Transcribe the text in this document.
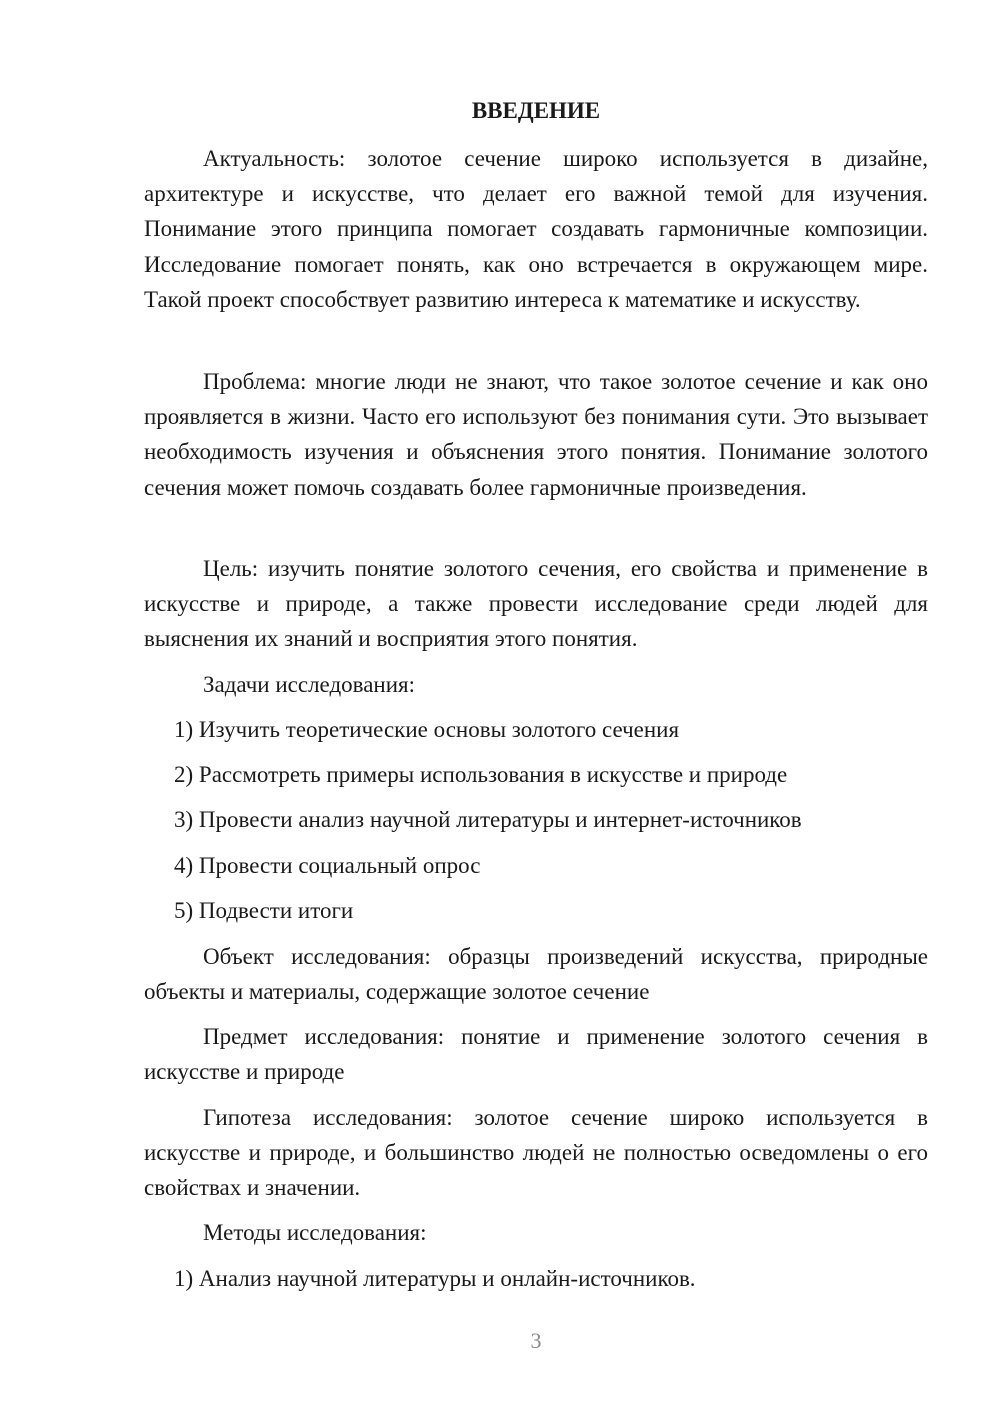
ВВЕДЕНИЕ

Актуальность: золотое сечение широко используется в дизайне, архитектуре и искусстве, что делает его важной темой для изучения. Понимание этого принципа помогает создавать гармоничные композиции. Исследование помогает понять, как оно встречается в окружающем мире. Такой проект способствует развитию интереса к математике и искусству.

Проблема: многие люди не знают, что такое золотое сечение и как оно проявляется в жизни. Часто его используют без понимания сути. Это вызывает необходимость изучения и объяснения этого понятия. Понимание золотого сечения может помочь создавать более гармоничные произведения.

Цель: изучить понятие золотого сечения, его свойства и применение в искусстве и природе, а также провести исследование среди людей для выяснения их знаний и восприятия этого понятия.

Задачи исследования:

1) Изучить теоретические основы золотого сечения

2) Рассмотреть примеры использования в искусстве и природе

3) Провести анализ научной литературы и интернет-источников

4) Провести социальный опрос

5) Подвести итоги

Объект исследования: образцы произведений искусства, природные объекты и материалы, содержащие золотое сечение

Предмет исследования: понятие и применение золотого сечения в искусстве и природе

Гипотеза исследования: золотое сечение широко используется в искусстве и природе, и большинство людей не полностью осведомлены о его свойствах и значении.

Методы исследования:

1) Анализ научной литературы и онлайн-источников.

3
